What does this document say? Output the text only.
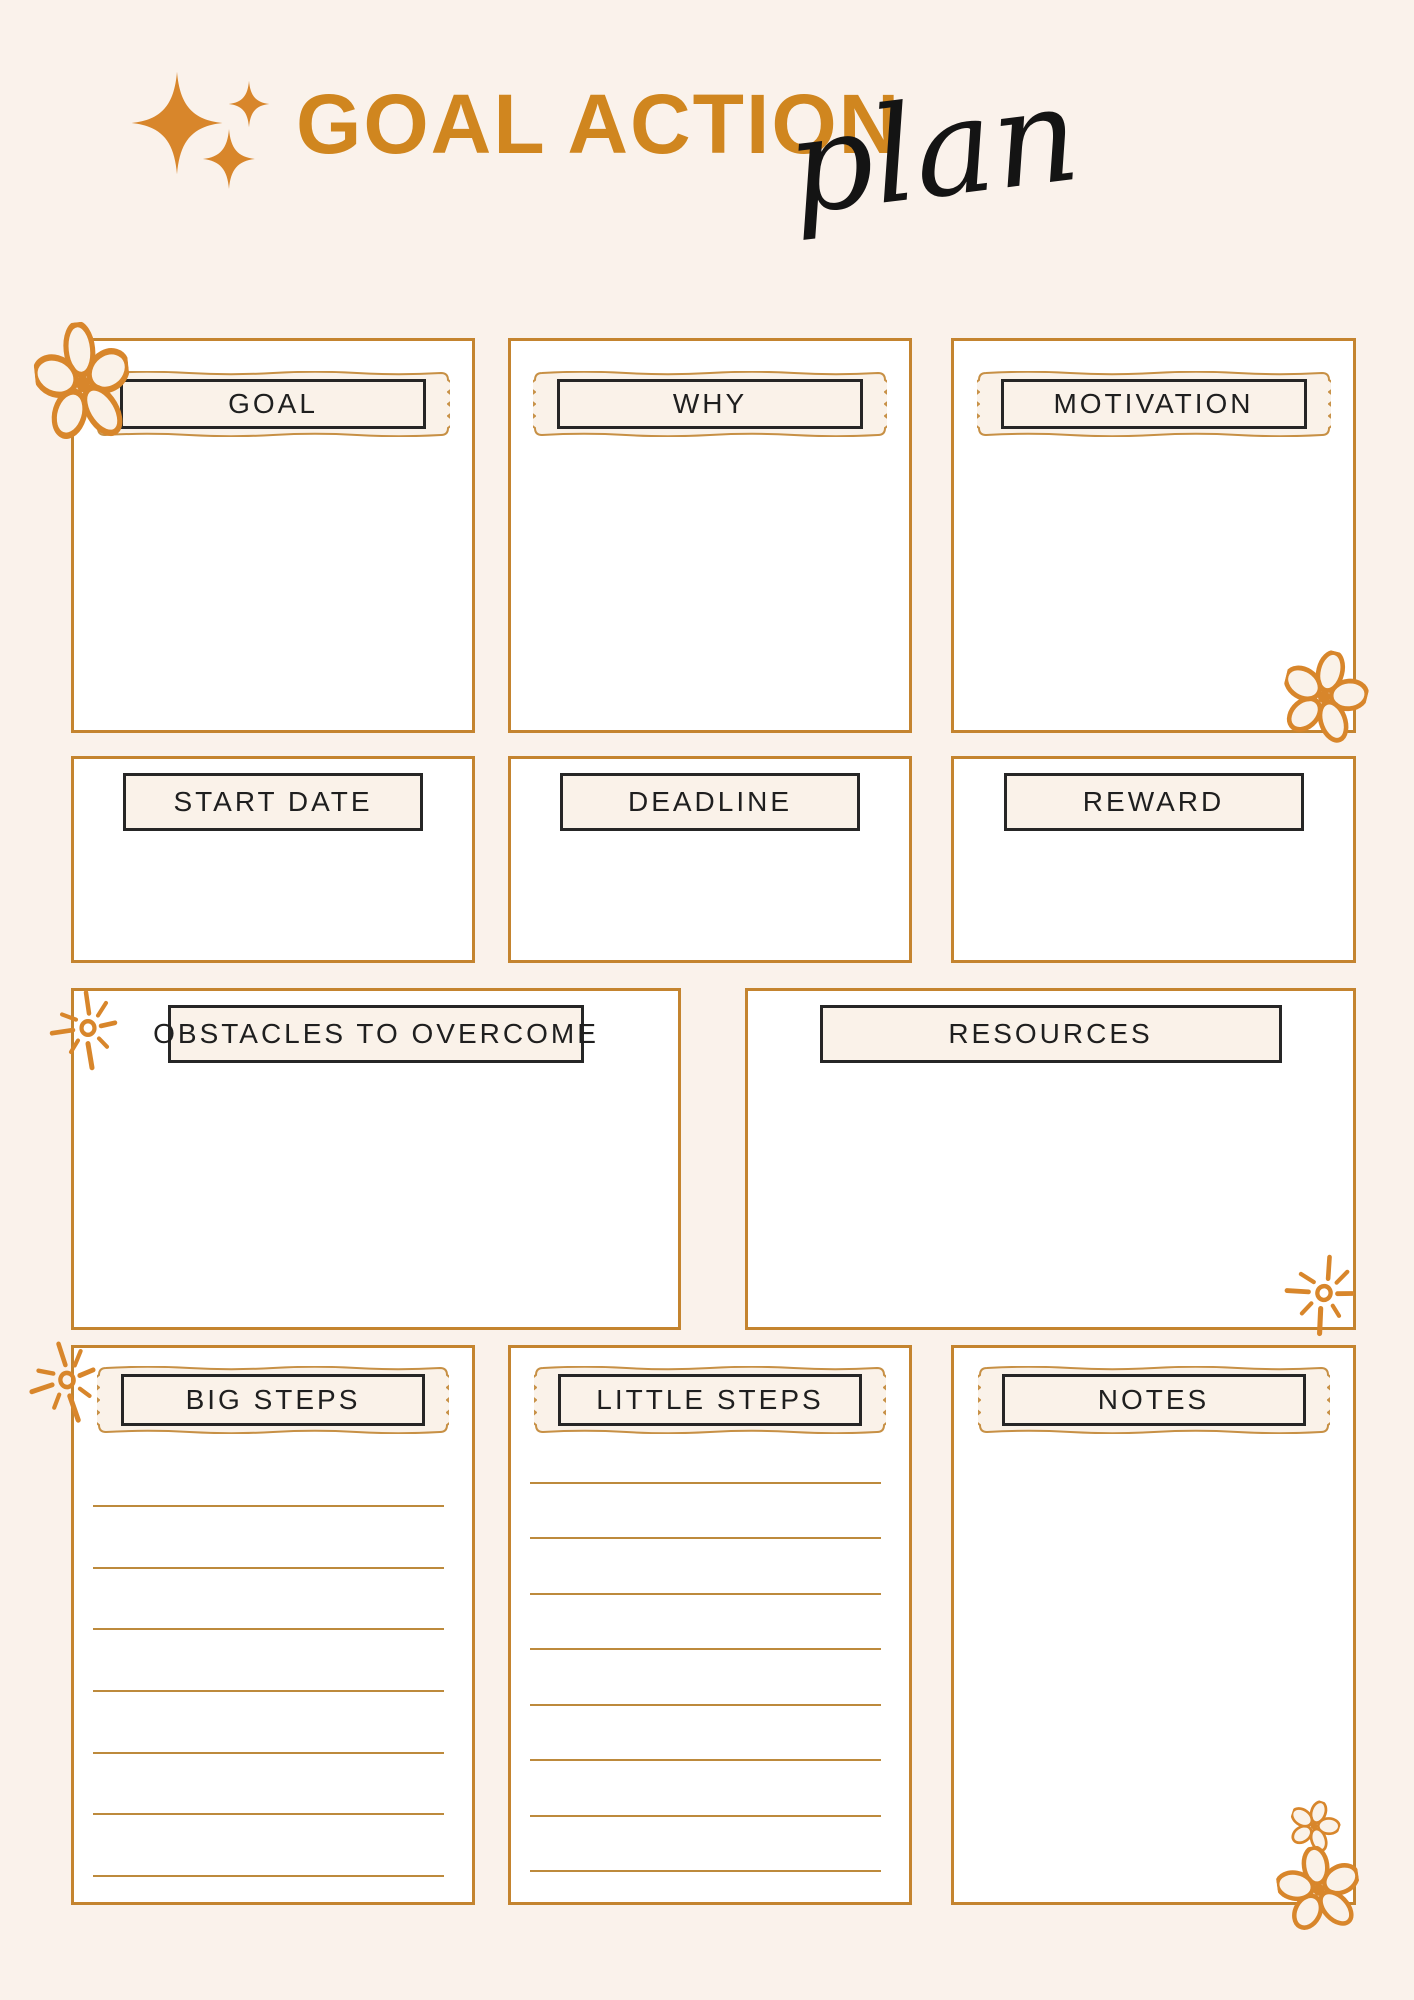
GOAL ACTION
plan
GOAL	WHY	MOTIVATION
START DATE	DEADLINE	REWARD
OBSTACLES TO OVERCOME	RESOURCES
BIG STEPS	LITTLE STEPS	NOTES
